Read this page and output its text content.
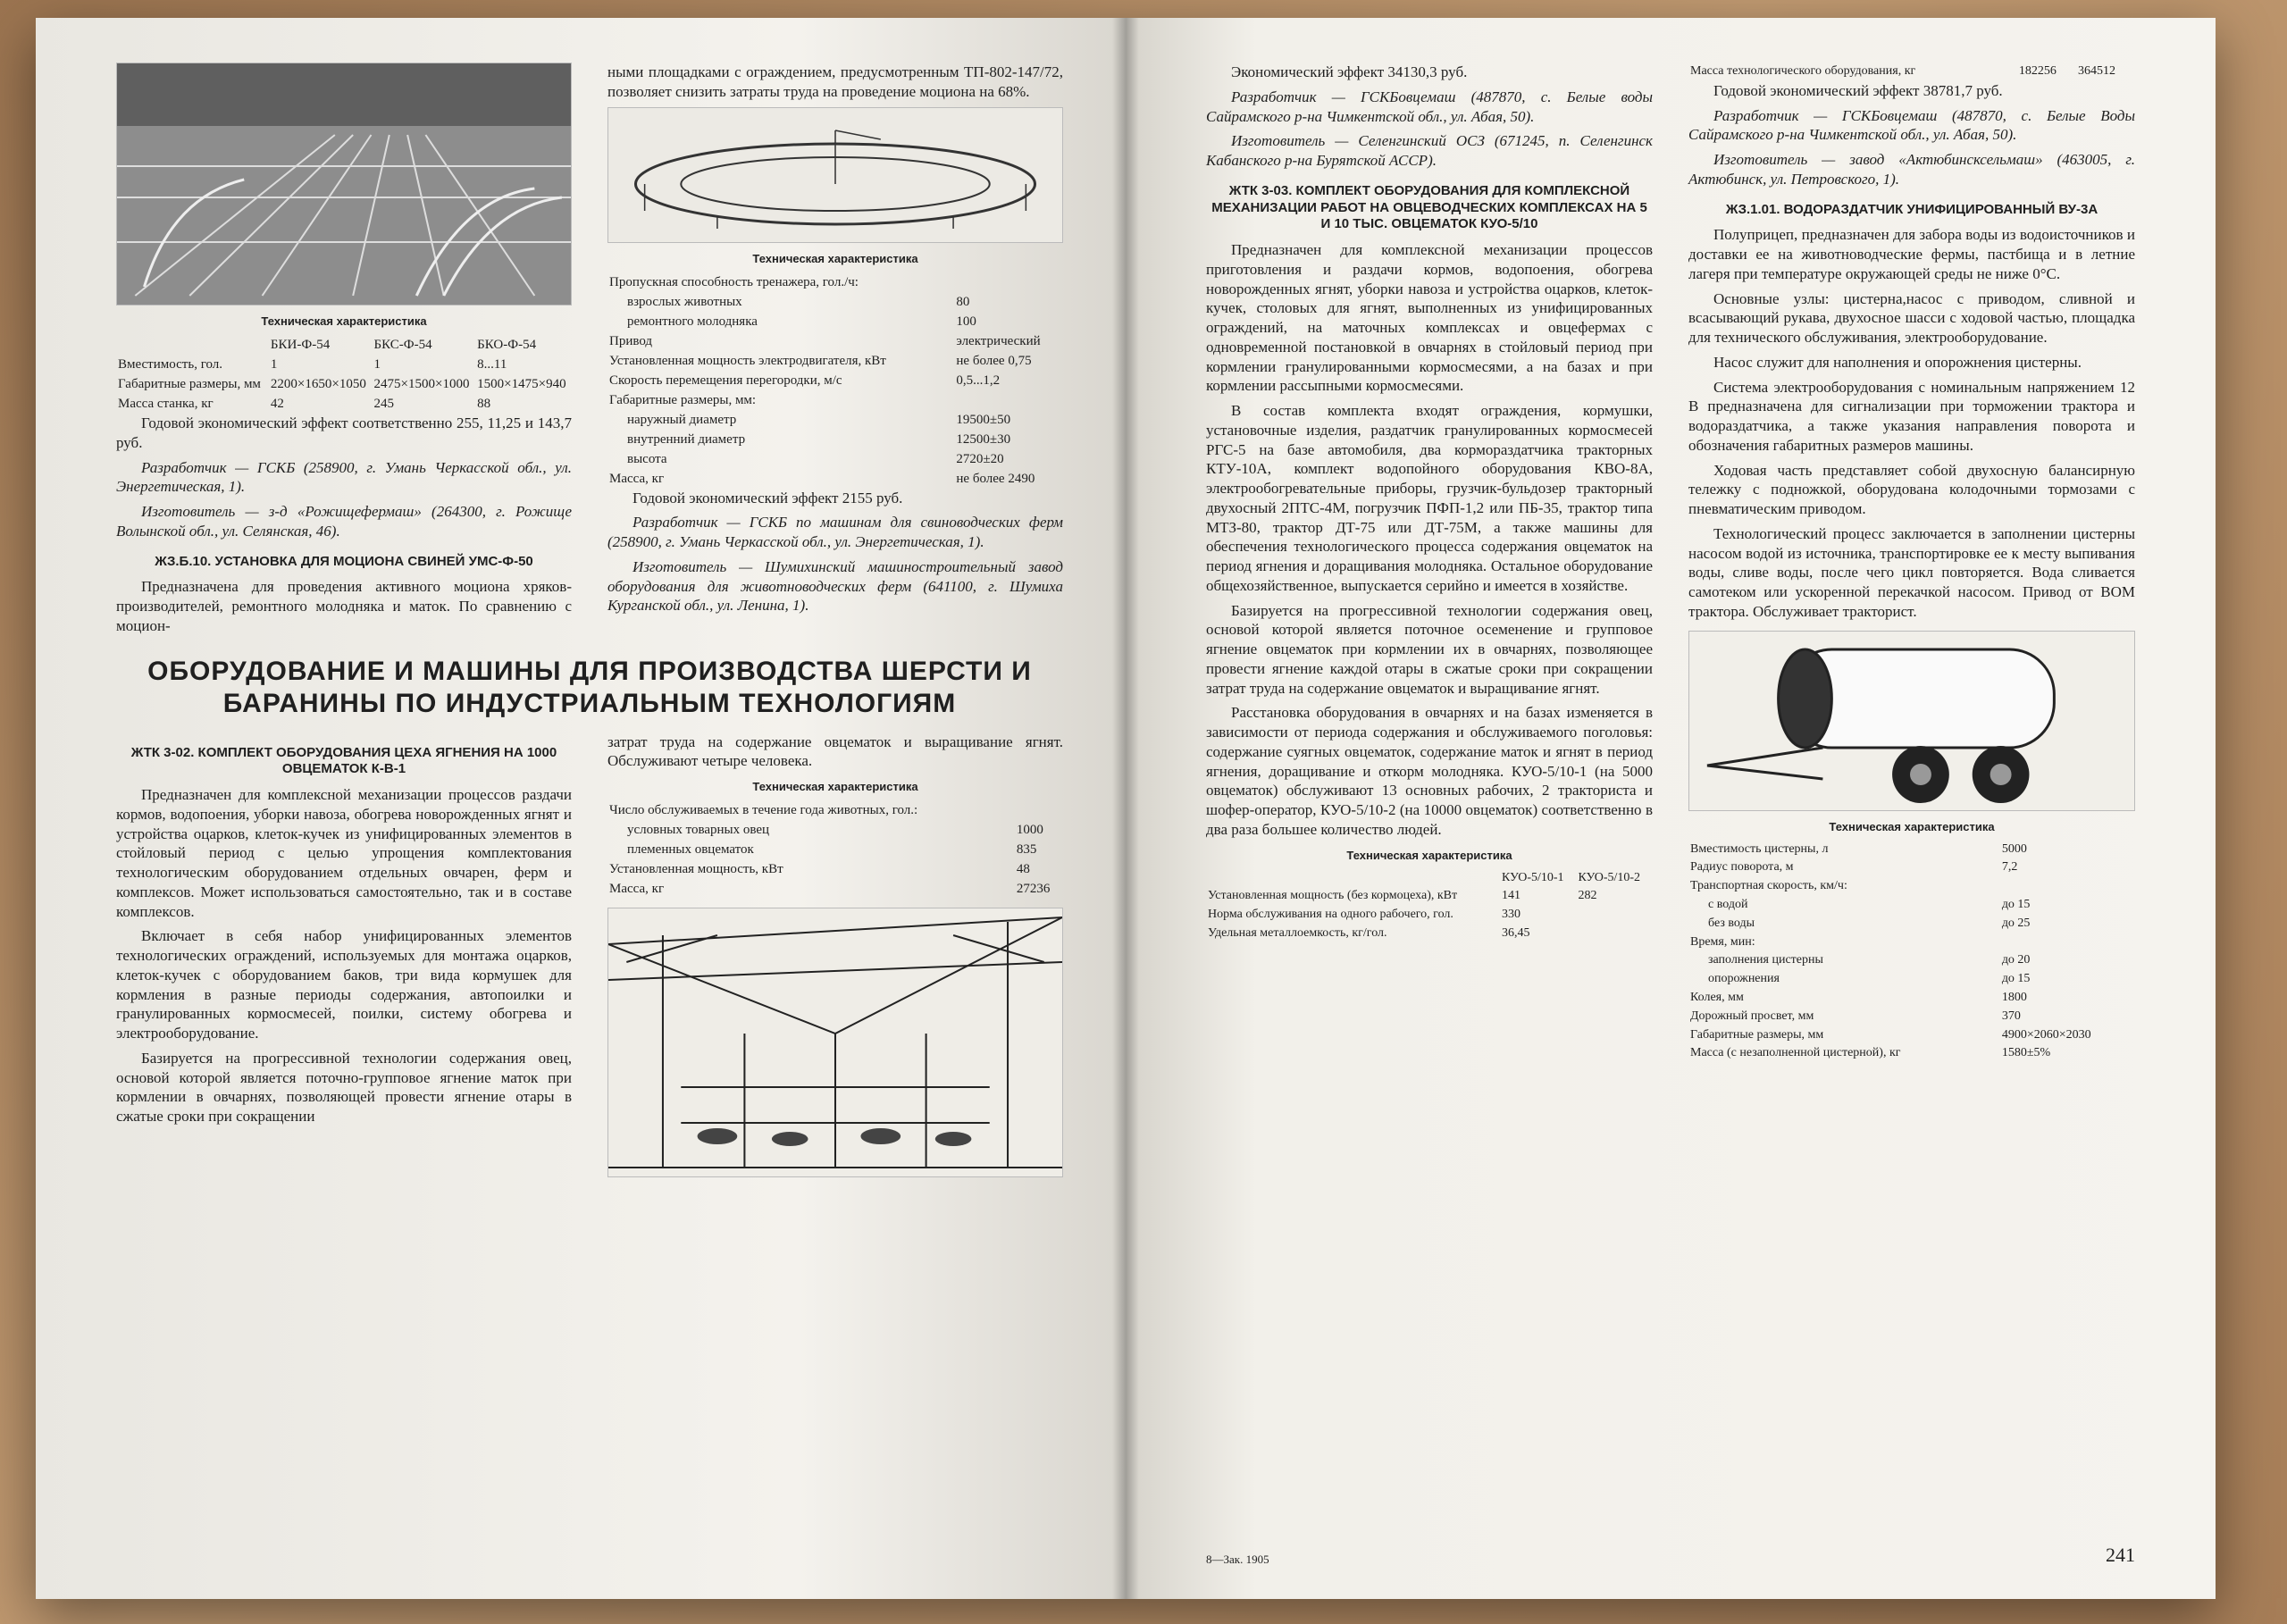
Техническая характеристика
	БКИ-Ф-54	БКС-Ф-54	БКО-Ф-54
Вместимость, гол.	1	1	8...11
Габаритные размеры, мм	2200×1650×1050	2475×1500×1000	1500×1475×940
Масса станка, кг	42	245	88

Годовой экономический эффект соответственно 255, 11,25 и 143,7 руб.

Разработчик — ГСКБ (258900, г. Умань Черкасской обл., ул. Энергетическая, 1).

Изготовитель — з-д «Рожищефермаш» (264300, г. Рожище Волынской обл., ул. Селянская, 46).

ЖЗ.Б.10. УСТАНОВКА ДЛЯ МОЦИОНА СВИНЕЙ УМС-Ф-50

Предназначена для проведения активного моциона хряков-производителей, ремонтного молодняка и маток. По сравнению с моцион-

ными площадками с ограждением, предусмотренным ТП-802-147/72, позволяет снизить затраты труда на проведение моциона на 68%.

Техническая характеристика
Пропускная способность тренажера, гол./ч:	
взрослых животных	80
ремонтного молодняка	100
Привод	электрический
Установленная мощность электродвигателя, кВт	не более 0,75
Скорость перемещения перегородки, м/с	0,5...1,2
Габаритные размеры, мм:	
наружный диаметр	19500±50
внутренний диаметр	12500±30
высота	2720±20
Масса, кг	не более 2490

Годовой экономический эффект 2155 руб.

Разработчик — ГСКБ по машинам для свиноводческих ферм (258900, г. Умань Черкасской обл., ул. Энергетическая, 1).

Изготовитель — Шумихинский машиностроительный завод оборудования для животноводческих ферм (641100, г. Шумиха Курганской обл., ул. Ленина, 1).

ОБОРУДОВАНИЕ И МАШИНЫ ДЛЯ ПРОИЗВОДСТВА ШЕРСТИ И БАРАНИНЫ ПО ИНДУСТРИАЛЬНЫМ ТЕХНОЛОГИЯМ
ЖТК 3-02. КОМПЛЕКТ ОБОРУДОВАНИЯ ЦЕХА ЯГНЕНИЯ НА 1000 ОВЦЕМАТОК К-В-1

Предназначен для комплексной механизации процессов раздачи кормов, водопоения, уборки навоза, обогрева новорожденных ягнят и устройства оцарков, клеток-кучек из унифицированных элементов в стойловый период с целью упрощения комплектования технологическим оборудованием отдельных овчарен, ферм и комплексов. Может использоваться самостоятельно, так и в составе комплексов.

Включает в себя набор унифицированных элементов технологических ограждений, используемых для монтажа оцарков, клеток-кучек с оборудованием баков, три вида кормушек для кормления в разные периоды содержания, автопоилки и гранулированных кормосмесей, поилки, систему обогрева и электрооборудование.

Базируется на прогрессивной технологии содержания овец, основой которой является поточно-групповое ягнение маток при кормлении в овчарнях, позволяющей провести ягнение отары в сжатые сроки при сокращении

затрат труда на содержание овцематок и выращивание ягнят. Обслуживают четыре человека.

Техническая характеристика
Число обслуживаемых в течение года животных, гол.:	
условных товарных овец	1000
племенных овцематок	835
Установленная мощность, кВт	48
Масса, кг	27236

Экономический эффект 34130,3 руб.

Разработчик — ГСКБовцемаш (487870, с. Белые воды Сайрамского р-на Чимкентской обл., ул. Абая, 50).

Изготовитель — Селенгинский ОСЗ (671245, п. Селенгинск Кабанского р-на Бурятской АССР).

ЖТК 3-03. КОМПЛЕКТ ОБОРУДОВАНИЯ ДЛЯ КОМПЛЕКСНОЙ МЕХАНИЗАЦИИ РАБОТ НА ОВЦЕВОДЧЕСКИХ КОМПЛЕКСАХ НА 5 И 10 ТЫС. ОВЦЕМАТОК КУО-5/10

Предназначен для комплексной механизации процессов приготовления и раздачи кормов, водопоения, обогрева новорожденных ягнят, уборки навоза и устройства оцарков, клеток-кучек, столовых для ягнят, выполненных из унифицированных ограждений, на маточных комплексах и овцефермах с одновременной постановкой в овчарнях в стойловый период при кормлении гранулированными кормосмесями, а на базах и при кормлении рассыпными кормосмесями.

В состав комплекта входят ограждения, кормушки, установочные изделия, раздатчик гранулированных кормосмесей РГС-5 на базе автомобиля, два кормораздатчика тракторных КТУ-10А, комплект водопойного оборудования КВО-8А, электрообогревательные приборы, грузчик-бульдозер тракторный двухосный 2ПТС-4М, погрузчик ПФП-1,2 или ПБ-35, трактор типа МТЗ-80, трактор ДТ-75 или ДТ-75М, а также машины для обеспечения технологического процесса содержания овцематок на период ягнения и доращивания молодняка. Остальное оборудование общехозяйственное, выпускается серийно и имеется в хозяйстве.

Базируется на прогрессивной технологии содержания овец, основой которой является поточное осеменение и групповое ягнение овцематок при кормлении их в овчарнях, позволяющее провести ягнение каждой отары в сжатые сроки при сокращении затрат труда на содержание овцематок и выращивание ягнят.

Расстановка оборудования в овчарнях и на базах изменяется в зависимости от периода содержания и обслуживаемого поголовья: содержание суягных овцематок, содержание маток и ягнят в период ягнения, доращивание и откорм молодняка. КУО-5/10-1 (на 5000 овцематок) обслуживают 13 основных рабочих, 2 тракториста и шофер-оператор, КУО-5/10-2 (на 10000 овцематок) соответственно в два раза большее количество людей.

Техническая характеристика
	КУО-5/10-1	КУО-5/10-2
Установленная мощность (без кормоцеха), кВт	141	282
Норма обслуживания на одного рабочего, гол.	330	
Удельная металлоемкость, кг/гол.	36,45	
Масса технологического оборудования, кг	182256	364512

Годовой экономический эффект 38781,7 руб.

Разработчик — ГСКБовцемаш (487870, с. Белые Воды Сайрамского р-на Чимкентской обл., ул. Абая, 50).

Изготовитель — завод «Актюбинсксельмаш» (463005, г. Актюбинск, ул. Петровского, 1).

ЖЗ.1.01. ВОДОРАЗДАТЧИК УНИФИЦИРОВАННЫЙ ВУ-3А

Полуприцеп, предназначен для забора воды из водоисточников и доставки ее на животноводческие фермы, пастбища и в летние лагеря при температуре окружающей среды не ниже 0°С.

Основные узлы: цистерна,насос с приводом, сливной и всасывающий рукава, двухосное шасси с ходовой частью, площадка для технического обслуживания, электрооборудование.

Насос служит для наполнения и опорожнения цистерны.

Система электрооборудования с номинальным напряжением 12 В предназначена для сигнализации при торможении трактора и водораздатчика, а также указания направления поворота и обозначения габаритных размеров машины.

Ходовая часть представляет собой двухосную балансирную тележку с подножкой, оборудована колодочными тормозами с пневматическим приводом.

Технологический процесс заключается в заполнении цистерны насосом водой из источника, транспортировке ее к месту выпивания воды, сливе воды, после чего цикл повторяется. Вода сливается самотеком или ускоренной перекачкой насосом. Привод от ВОМ трактора. Обслуживает тракторист.

Техническая характеристика
Вместимость цистерны, л	5000
Радиус поворота, м	7,2
Транспортная скорость, км/ч:	
с водой	до 15
без воды	до 25
Время, мин:	
заполнения цистерны	до 20
опорожнения	до 15
Колея, мм	1800
Дорожный просвет, мм	370
Габаритные размеры, мм	4900×2060×2030
Масса (с незаполненной цистерной), кг	1580±5%
8—Зак. 1905	241
